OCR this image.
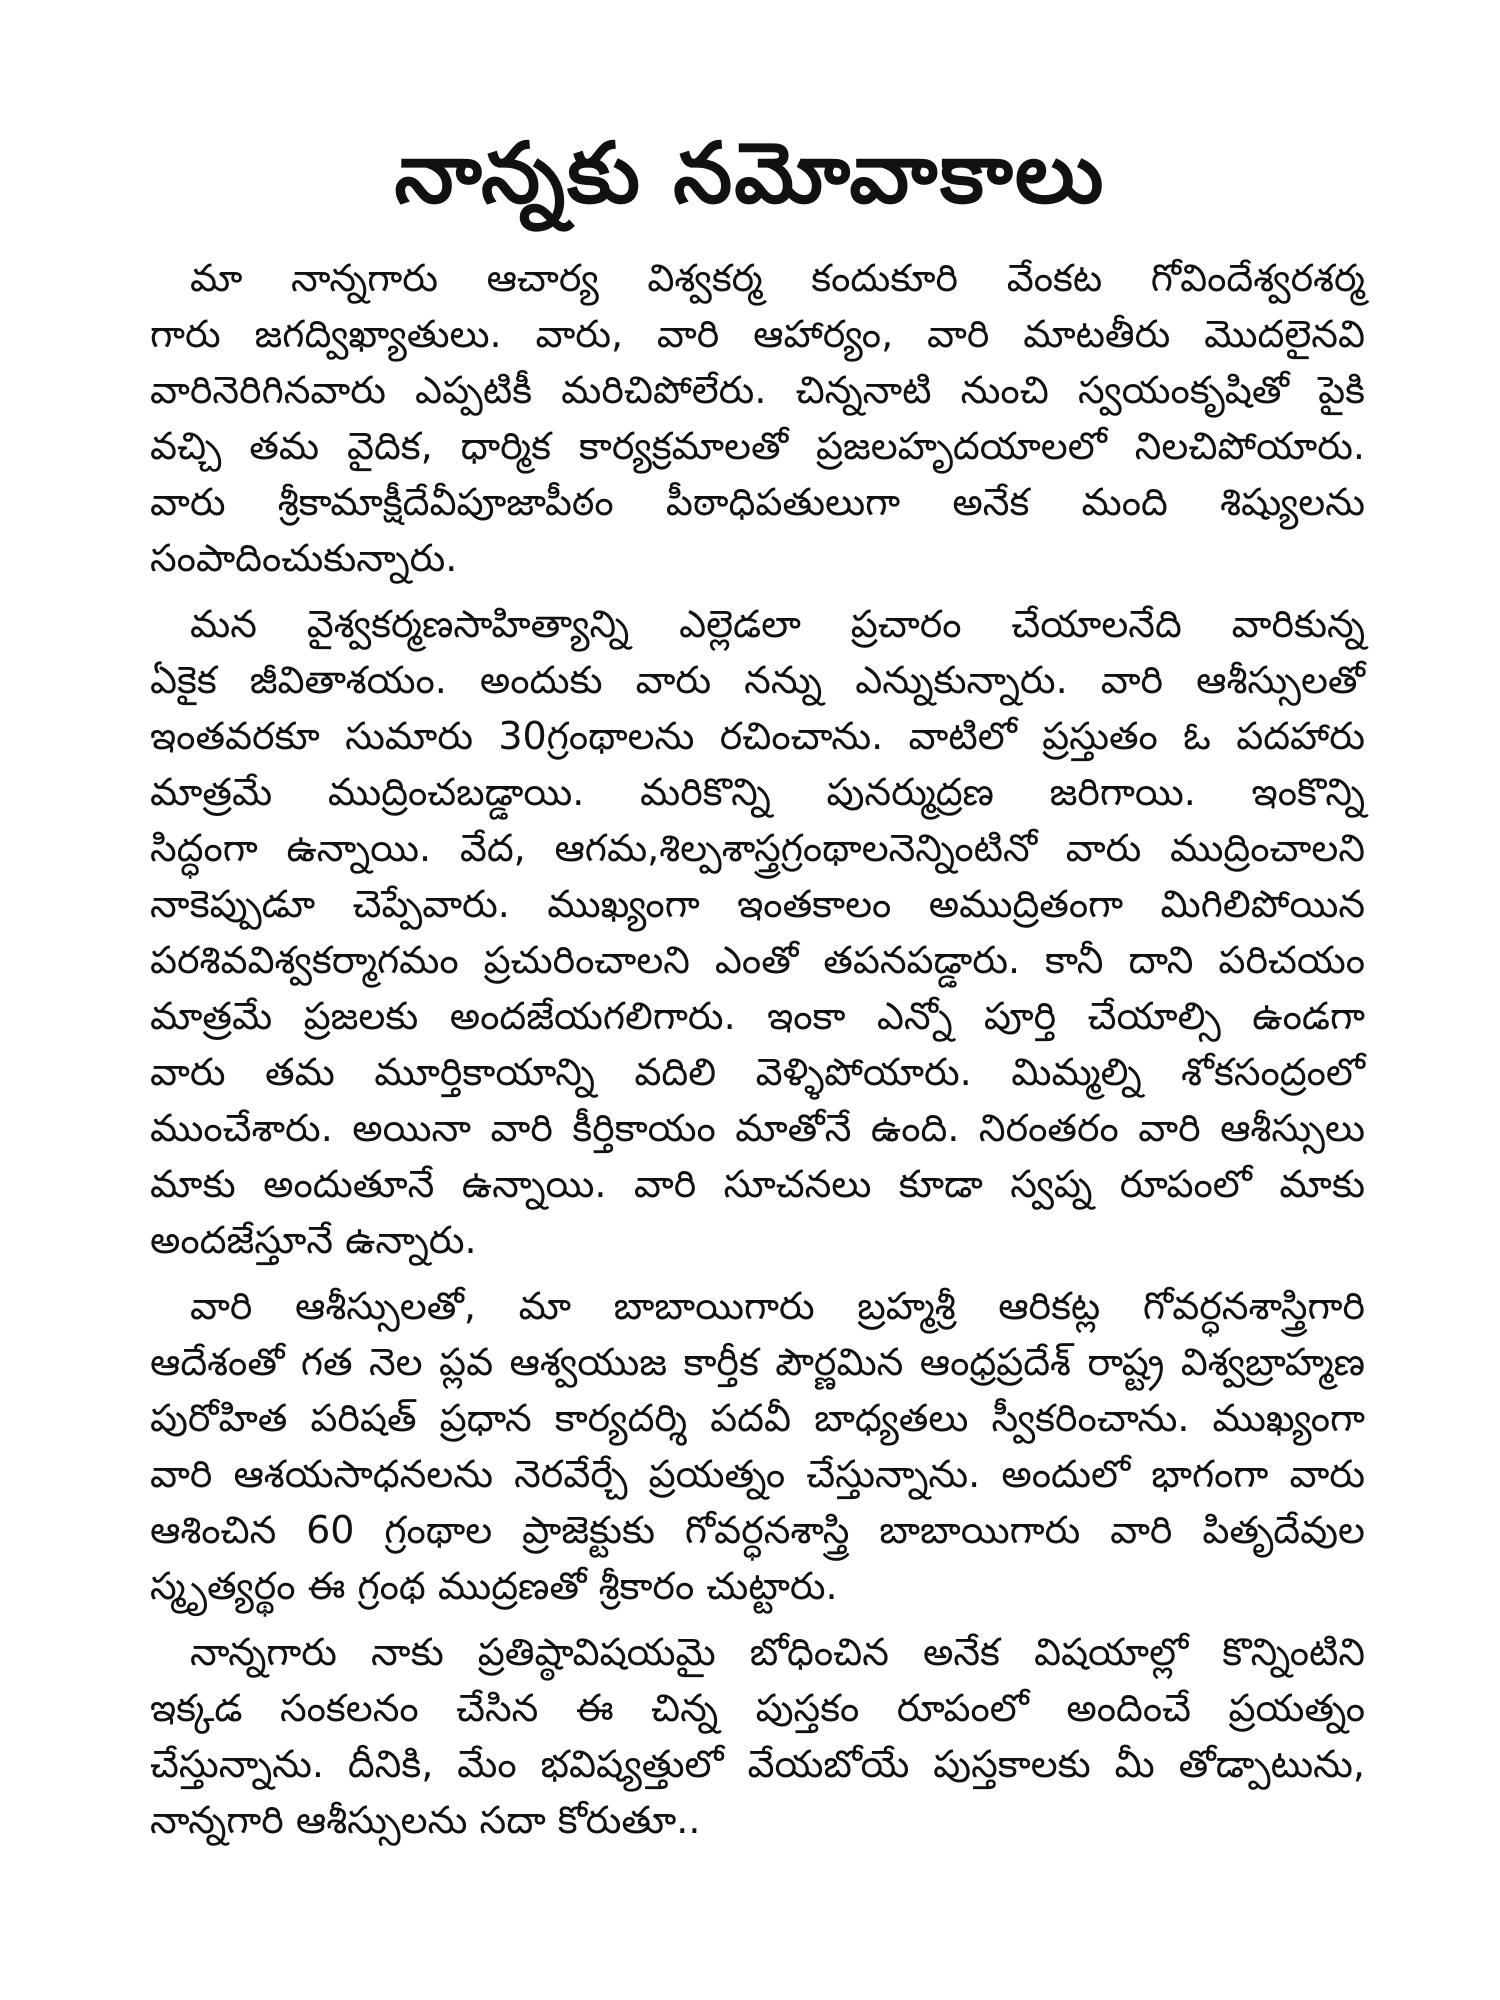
నాన్నకు నమోవాకాలు
మా నాన్నగారు ఆచార్య విశ్వకర్మ కందుకూరి వేంకట గోవిందేశ్వరశర్మ
గారు జగద్విఖ్యాతులు. వారు, వారి ఆహార్యం, వారి మాటతీరు మొదలైనవి
వారినెరిగినవారు ఎప్పటికీ మరిచిపోలేరు. చిన్ననాటి నుంచి స్వయంకృషితో పైకి
వచ్చి తమ వైదిక, ధార్మిక కార్యక్రమాలతో ప్రజలహృదయాలలో నిలచిపోయారు.
వారు శ్రీకామాక్షీదేవీపూజాపీఠం పీఠాధిపతులుగా అనేక మంది శిష్యులను
సంపాదించుకున్నారు.
మన వైశ్వకర్మణసాహిత్యాన్ని ఎల్లెడలా ప్రచారం చేయాలనేది వారికున్న
ఏకైక జీవితాశయం. అందుకు వారు నన్ను ఎన్నుకున్నారు. వారి ఆశీస్సులతో
ఇంతవరకూ సుమారు 30గ్రంథాలను రచించాను. వాటిలో ప్రస్తుతం ఓ పదహారు
మాత్రమే ముద్రించబడ్డాయి. మరికొన్ని పునర్ముద్రణ జరిగాయి. ఇంకొన్ని
సిద్ధంగా ఉన్నాయి. వేద, ఆగమ,శిల్పశాస్త్రగ్రంథాలనెన్నింటినో వారు ముద్రించాలని
నాకెప్పుడూ చెప్పేవారు. ముఖ్యంగా ఇంతకాలం అముద్రితంగా మిగిలిపోయిన
పరశివవిశ్వకర్మాగమం ప్రచురించాలని ఎంతో తపనపడ్డారు. కానీ దాని పరిచయం
మాత్రమే ప్రజలకు అందజేయగలిగారు. ఇంకా ఎన్నో పూర్తి చేయాల్సి ఉండగా
వారు తమ మూర్తికాయాన్ని వదిలి వెళ్ళిపోయారు. మిమ్మల్ని శోకసంద్రంలో
ముంచేశారు. అయినా వారి కీర్తికాయం మాతోనే ఉంది. నిరంతరం వారి ఆశీస్సులు
మాకు అందుతూనే ఉన్నాయి. వారి సూచనలు కూడా స్వప్న రూపంలో మాకు
అందజేస్తూనే ఉన్నారు.
వారి ఆశీస్సులతో, మా బాబాయిగారు బ్రహ్మశ్రీ ఆరికట్ల గోవర్ధనశాస్త్రిగారి
ఆదేశంతో గత నెల ప్లవ ఆశ్వయుజ కార్తీక పౌర్ణమిన ఆంధ్రప్రదేశ్ రాష్ట్ర విశ్వబ్రాహ్మణ
పురోహిత పరిషత్ ప్రధాన కార్యదర్శి పదవీ బాధ్యతలు స్వీకరించాను. ముఖ్యంగా
వారి ఆశయసాధనలను నెరవేర్చే ప్రయత్నం చేస్తున్నాను. అందులో భాగంగా వారు
ఆశించిన 60 గ్రంథాల ప్రాజెక్టుకు గోవర్ధనశాస్త్రి బాబాయిగారు వారి పితృదేవుల
స్మృత్యర్థం ఈ గ్రంథ ముద్రణతో శ్రీకారం చుట్టారు.
నాన్నగారు నాకు ప్రతిష్ఠావిషయమై బోధించిన అనేక విషయాల్లో కొన్నింటిని
ఇక్కడ సంకలనం చేసిన ఈ చిన్న పుస్తకం రూపంలో అందించే ప్రయత్నం
చేస్తున్నాను. దీనికి, మేం భవిష్యత్తులో వేయబోయే పుస్తకాలకు మీ తోడ్పాటును,
నాన్నగారి ఆశీస్సులను సదా కోరుతూ..
